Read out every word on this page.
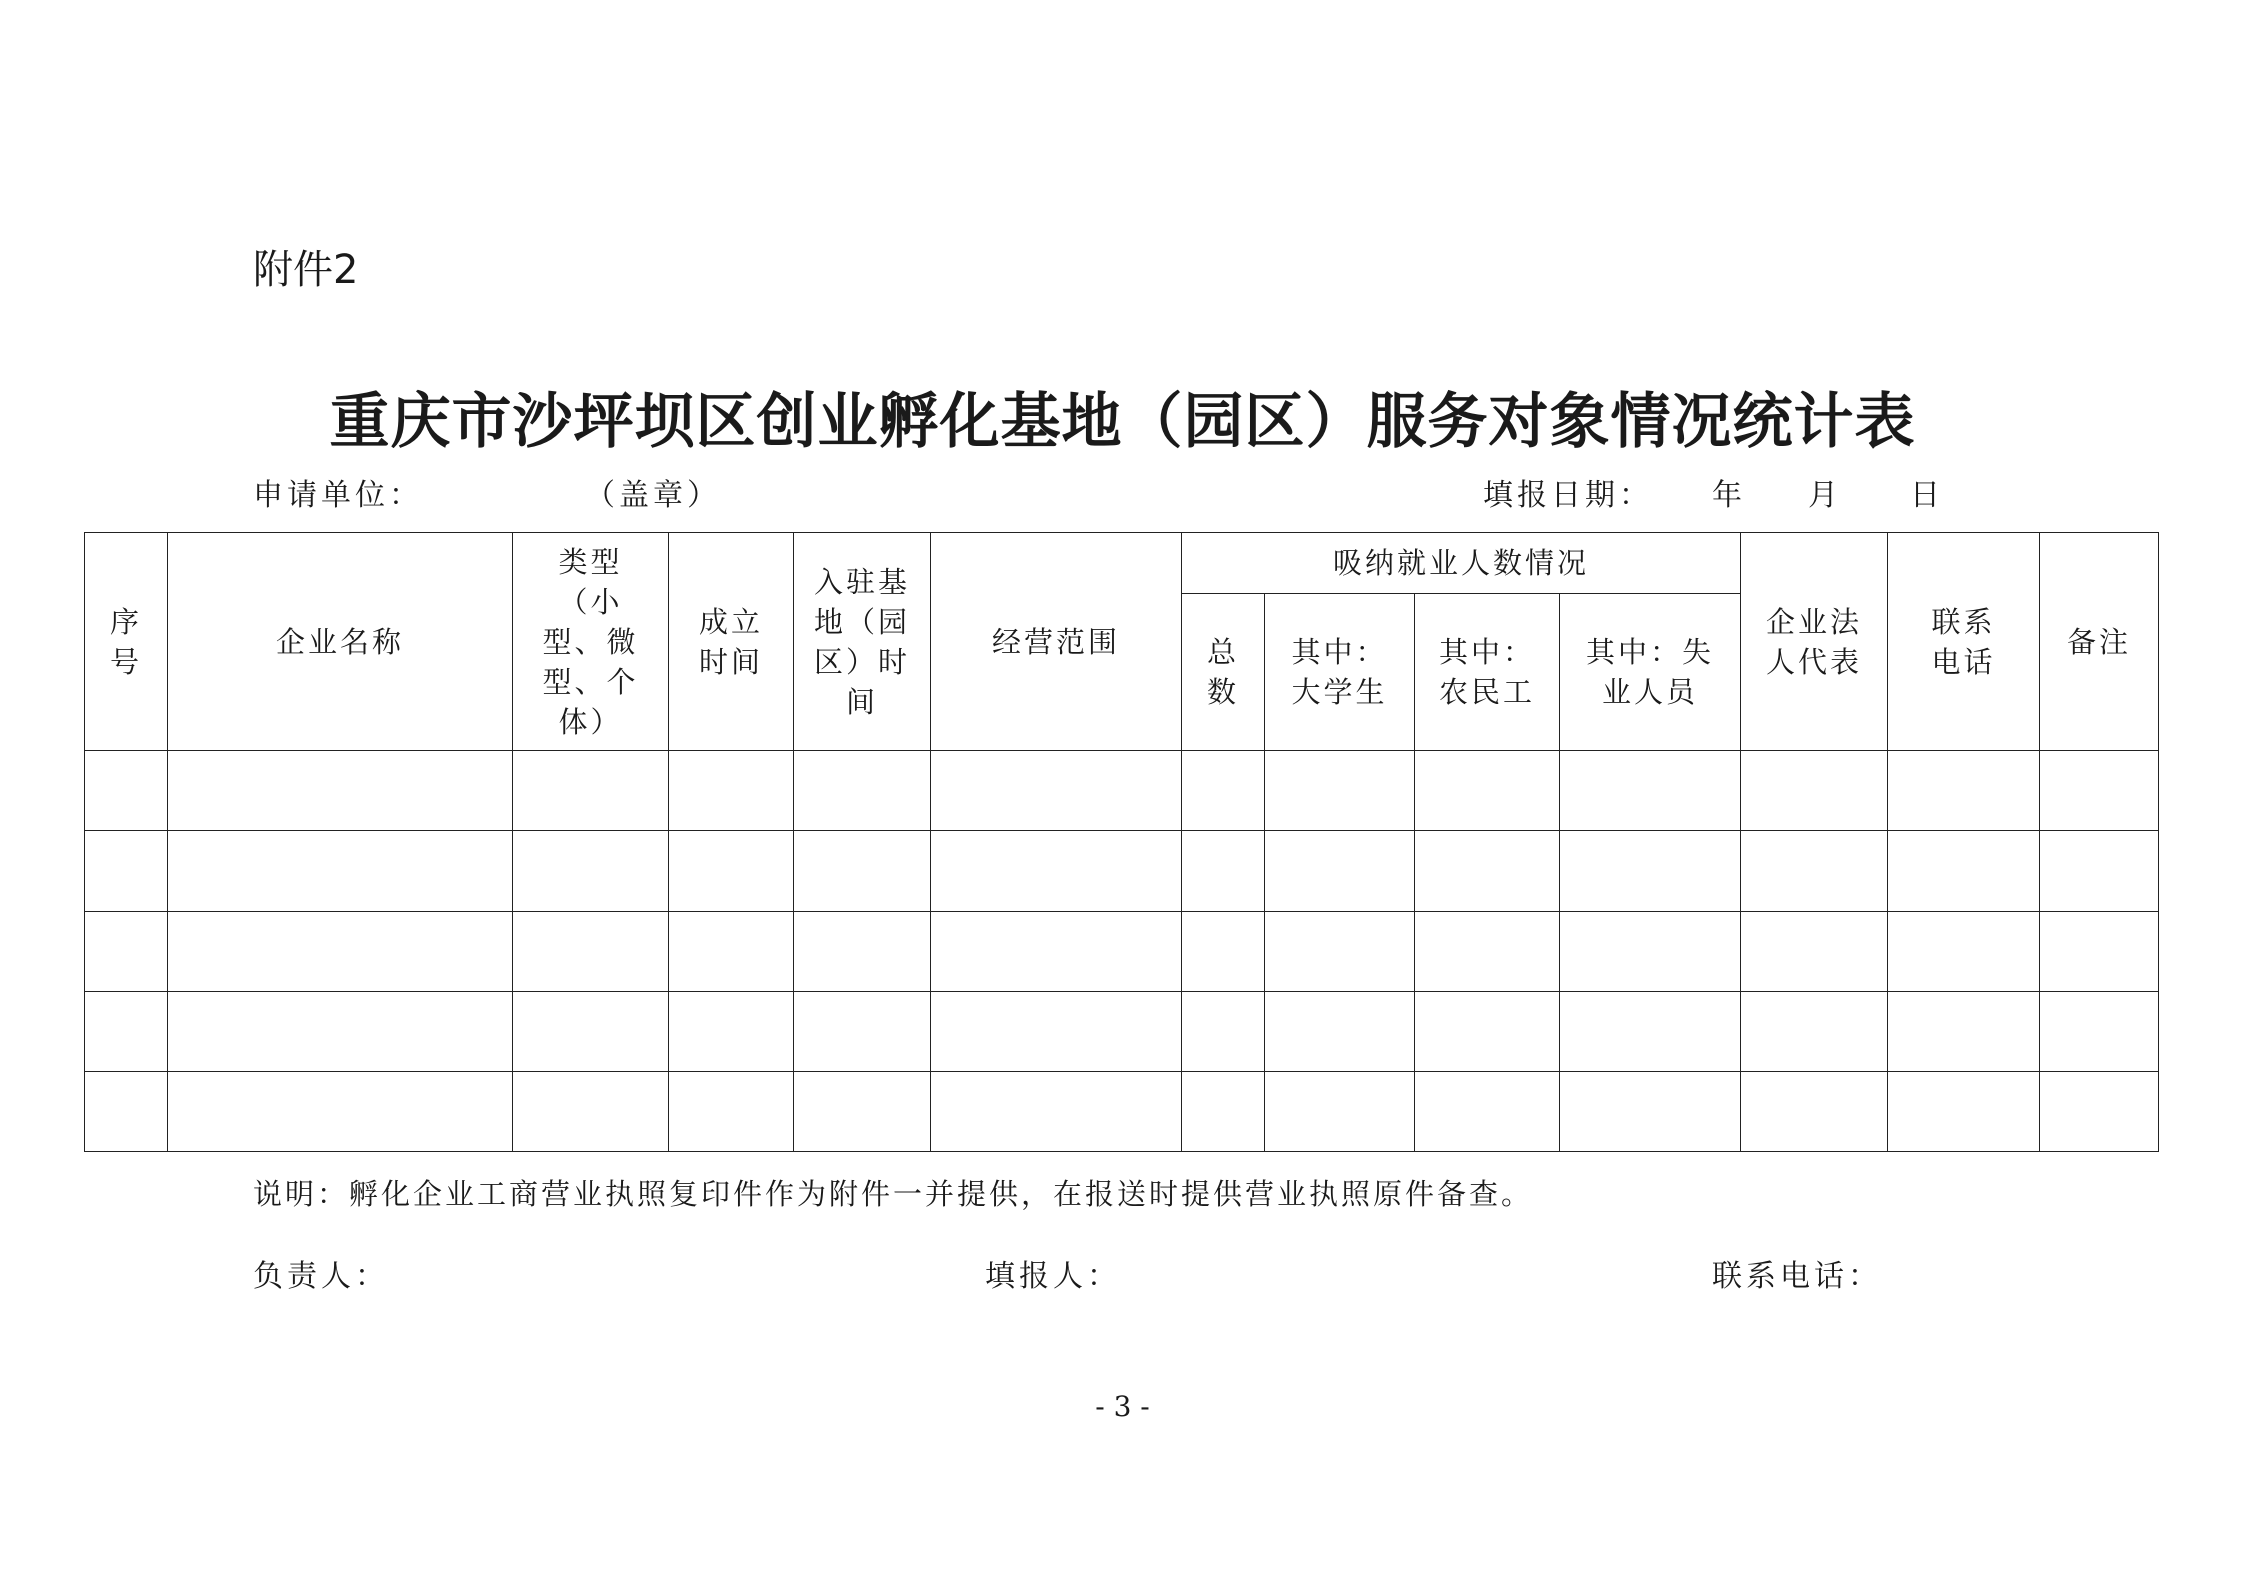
附件2
重庆市沙坪坝区创业孵化基地（园区）服务对象情况统计表
申请单位：	（盖章）	填报日期： 年 月 日
序号	企业名称	类型（小型、微型、个体）	成立时间	入驻基地（园区）时间	经营范围	吸纳就业人数情况				企业法人代表	联系电话	备注
						总数	其中：大学生	其中：农民工	其中：失业人员			

说明：孵化企业工商营业执照复印件作为附件一并提供，在报送时提供营业执照原件备查。
负责人：	填报人：	联系电话：
- 3 -
